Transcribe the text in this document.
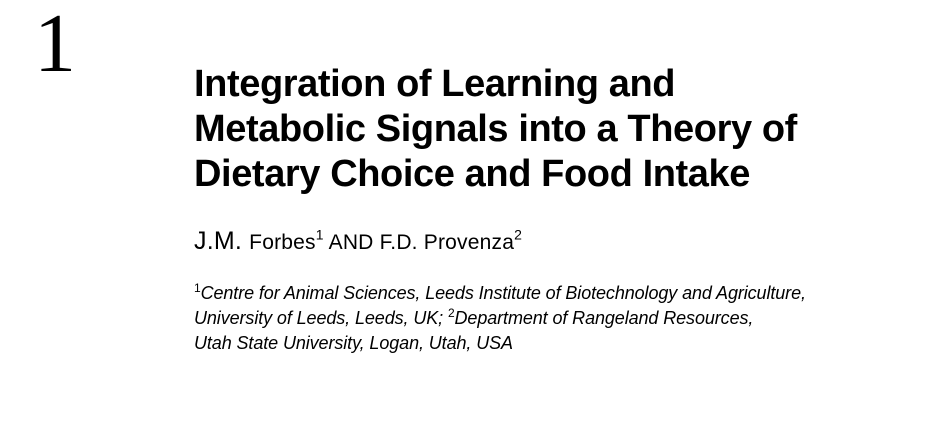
1	Integration of Learning and
Metabolic Signals into a Theory of
Dietary Choice and Food Intake
J.M. Forbes$^1$ AND F.D. Provenza$^2$
$^1$Centre for Animal Sciences, Leeds Institute of Biotechnology and Agriculture,
University of Leeds, Leeds, UK; $^2$Department of Rangeland Resources,
Utah State University, Logan, Utah, USA
